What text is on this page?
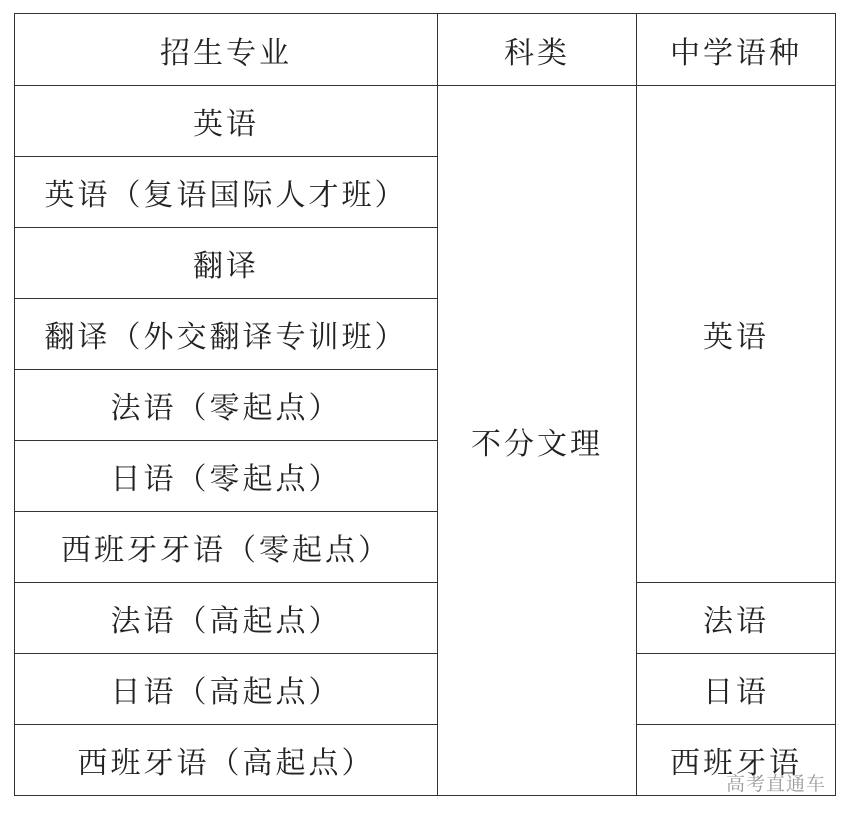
招生专业	科类	中学语种
英语	不分文理	英语
英语（复语国际人才班）		
翻译		
翻译（外交翻译专训班）		
法语（零起点）		
日语（零起点）		
西班牙牙语（零起点）		
法语（高起点）		法语
日语（高起点）		日语
西班牙语（高起点）		西班牙语
高考直通车
